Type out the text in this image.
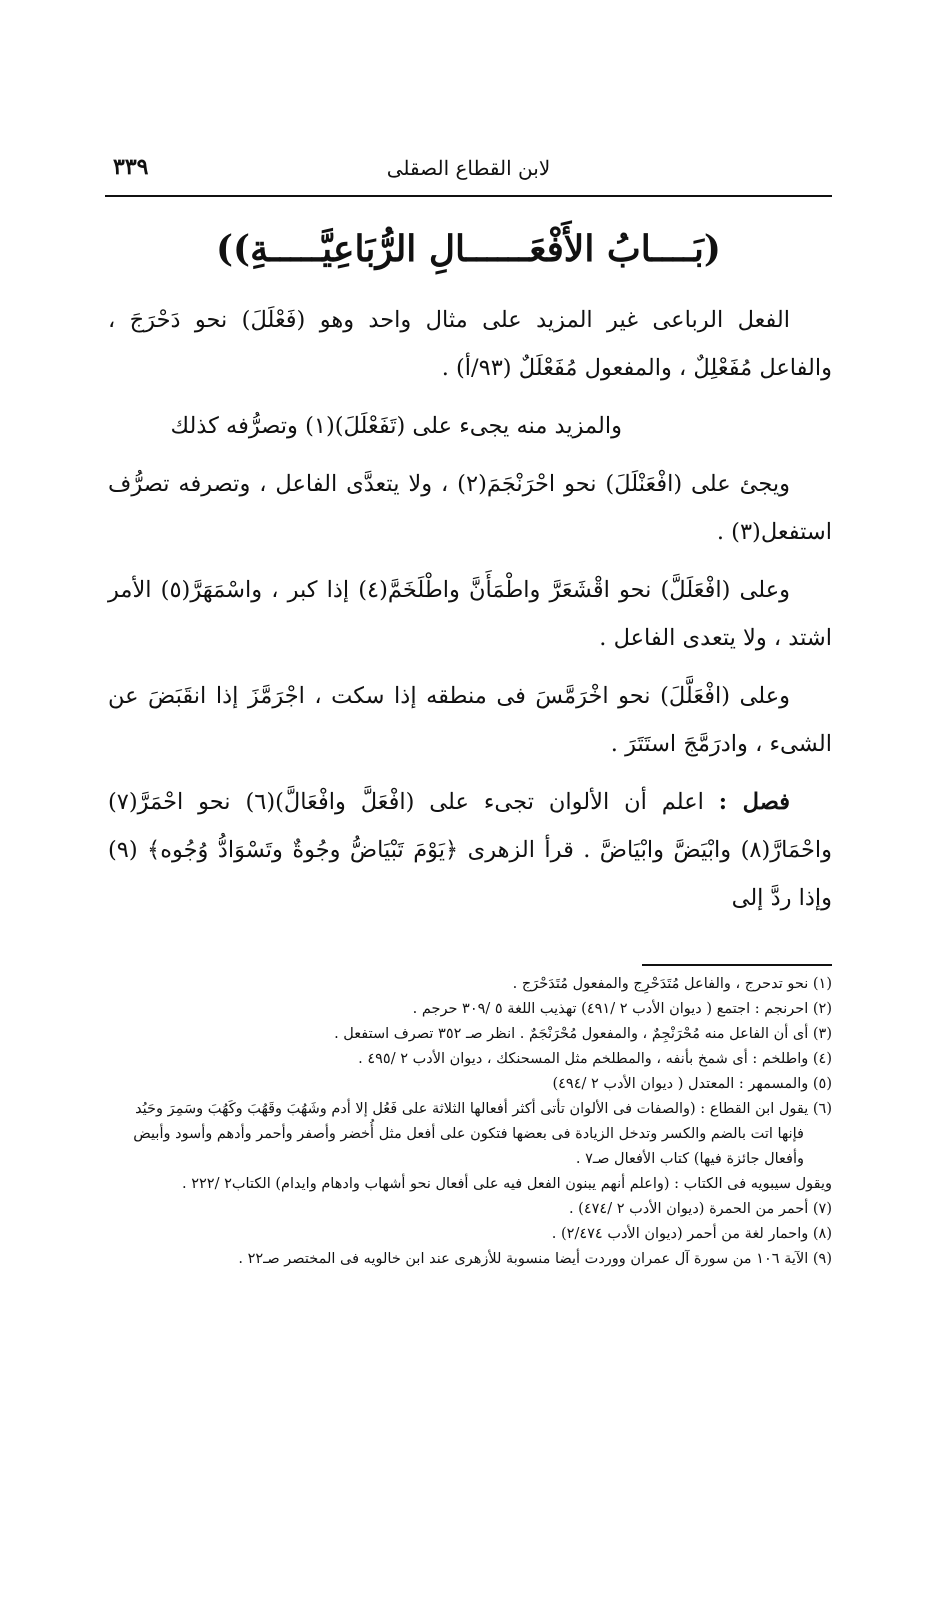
لابن القطاع الصقلى
٣٣٩
(بَــــابُ الأَفْعَــــــالِ الرُّبَاعِيَّـــــةِ))

الفعل الرباعى غير المزيد على مثال واحد وهو (فَعْلَلَ) نحو دَحْرَجَ ، والفاعل مُفَعْلِلٌ ، والمفعول مُفَعْلَلٌ (٩٣/أ) .

والمزيد منه يجىء على (تَفَعْلَلَ)(١) وتصرُّفه كذلك

ويجئ على (افْعَنْلَلَ) نحو احْرَنْجَمَ(٢) ، ولا يتعدَّى الفاعل ، وتصرفه تصرُّف استفعل(٣) .

وعلى (افْعَلَلَّ) نحو اقْشَعَرَّ واطْمَأَنَّ واطْلَخَمَّ(٤) إذا كبر ، واسْمَهَرَّ(٥) الأمر اشتد ، ولا يتعدى الفاعل .

وعلى (افْعَلَّلَ) نحو اخْرَمَّسَ فى منطقه إذا سكت ، اجْرَمَّزَ إذا انقَبَضَ عن الشىء ، وادرَمَّجَ استَتَرَ .

فصل : اعلم أن الألوان تجىء على (افْعَلَّ وافْعَالَّ)(٦) نحو احْمَرَّ(٧) واحْمَارَّ(٨) وابْيَضَّ وابْيَاضَّ . قرأ الزهرى ﴿يَوْمَ تَبْيَاضُّ وجُوةٌ وتَسْوَادُّ وُجُوه﴾ (٩) وإذا ردَّ إلى

(١) نحو تدحرج ، والفاعل مُتَدَحْرِج والمفعول مُتَدَحْرَج .

(٢) احرنجم : اجتمع ( ديوان الأدب ٢ /٤٩١) تهذيب اللغة ٥ /٣٠٩ حرجم .

(٣) أى أن الفاعل منه مُحْرَنْجِمٌ ، والمفعول مُحْرَنْجَمٌ . انظر صـ ٣٥٢ تصرف استفعل .

(٤) واطلخم : أى شمخ بأنفه ، والمطلخم مثل المسحنكك ، ديوان الأدب ٢ /٤٩٥ .

(٥) والمسمهر : المعتدل ( ديوان الأدب ٢ /٤٩٤)

(٦) يقول ابن القطاع : (والصفات فى الألوان تأتى أكثر أفعالها الثلاثة على فَعُل إلا أدم وشَهُبَ وقَهُبَ وكَهُبَ وسَمِرَ وحَيُد

فإنها اتت بالضم والكسر وتدخل الزيادة فى بعضها فتكون على أفعل مثل أُخضر وأصفر وأحمر وأدهم وأسود وأبيض

وأفعال جائزة فيها) كتاب الأفعال صـ٧ .

ويقول سيبويه فى الكتاب : (واعلم أنهم يبنون الفعل فيه على أفعال نحو أشهاب وادهام وايدام) الكتاب٢ /٢٢٢ .

(٧) أحمر من الحمرة (ديوان الأدب ٢ /٤٧٤) .

(٨) واحمار لغة من أحمر (ديوان الأدب ٢/٤٧٤) .

(٩) الآية ١٠٦ من سورة آل عمران ووردت أيضا منسوبة للأزهرى عند ابن خالويه فى المختصر صـ٢٢ .
